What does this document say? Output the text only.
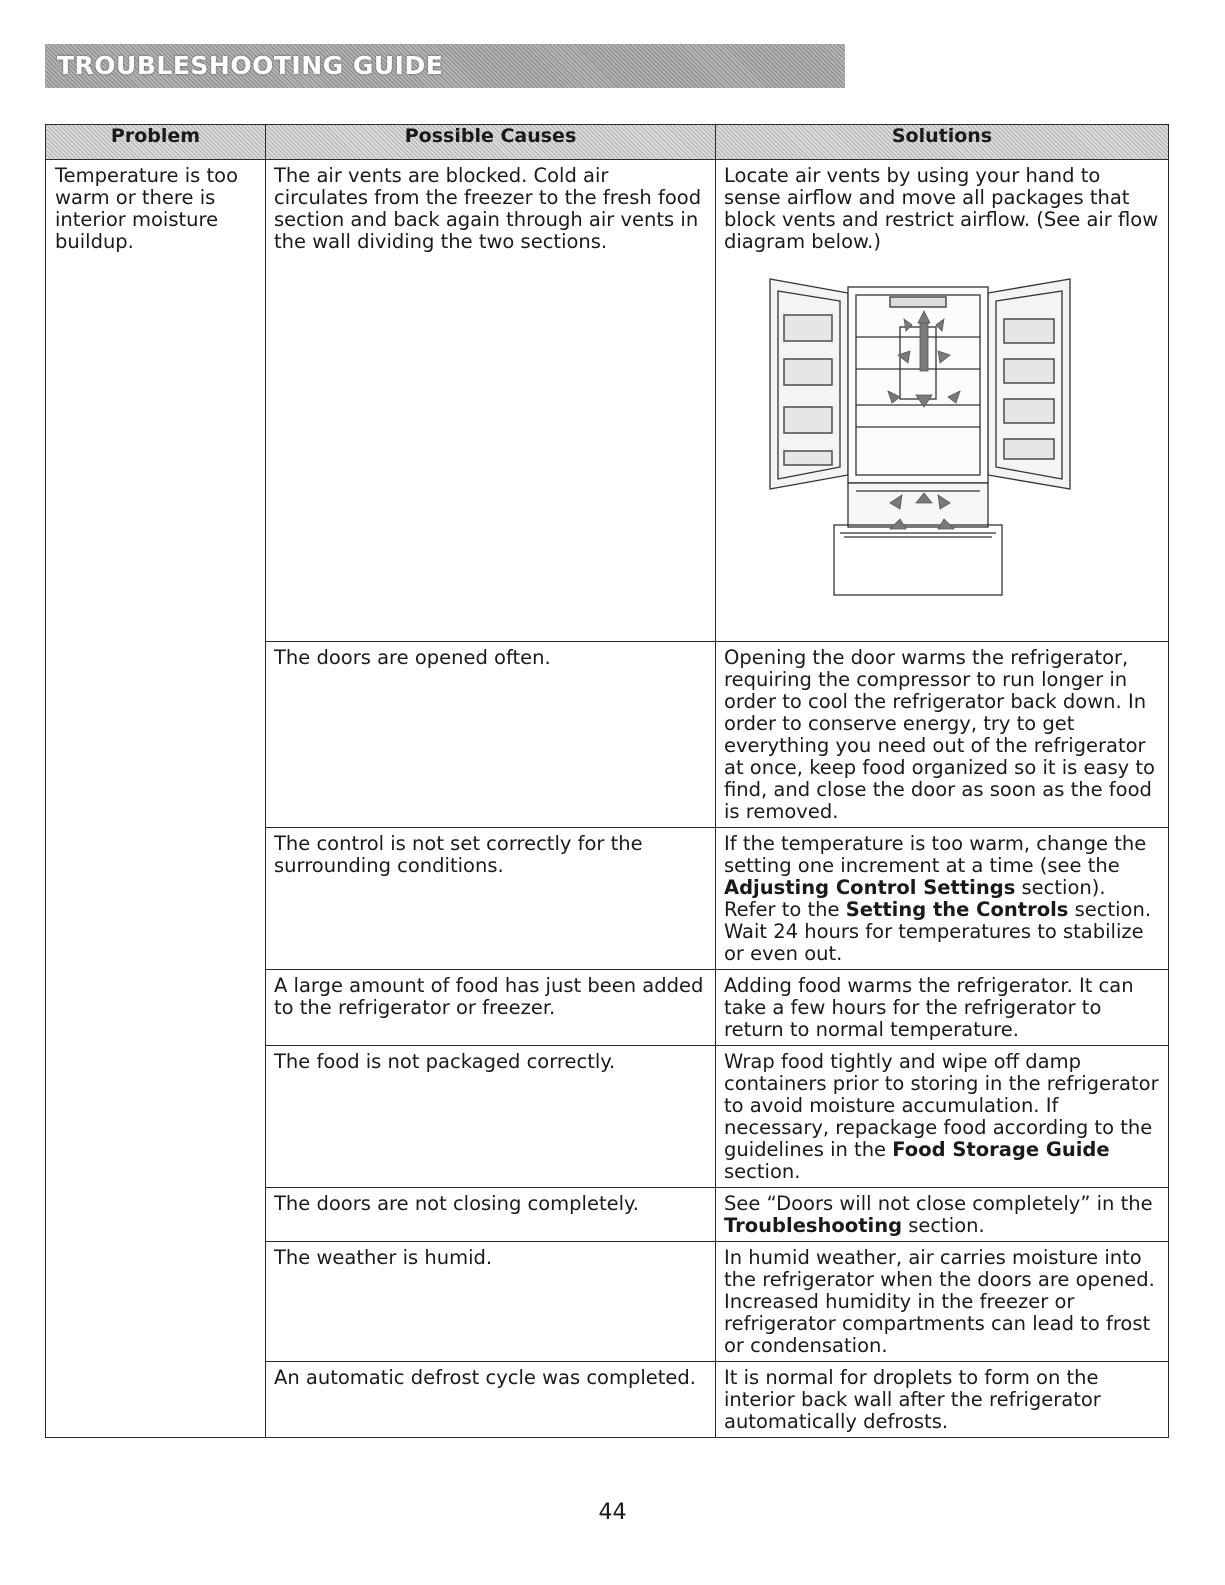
TROUBLESHOOTING GUIDE
Problem	Possible Causes	Solutions
Temperature is too warm or there is interior moisture buildup.	The air vents are blocked. Cold air circulates from the freezer to the fresh food section and back again through air vents in the wall dividing the two sections.	Locate air vents by using your hand to sense airflow and move all packages that block vents and restrict airflow. (See air flow diagram below.)

	The doors are opened often.	Opening the door warms the refrigerator, requiring the compressor to run longer in order to cool the refrigerator back down. In order to conserve energy, try to get everything you need out of the refrigerator at once, keep food organized so it is easy to find, and close the door as soon as the food is removed.
	The control is not set correctly for the surrounding conditions.	If the temperature is too warm, change the setting one increment at a time (see the Adjusting Control Settings section). Refer to the Setting the Controls section. Wait 24 hours for temperatures to stabilize or even out.
	A large amount of food has just been added to the refrigerator or freezer.	Adding food warms the refrigerator. It can take a few hours for the refrigerator to return to normal temperature.
	The food is not packaged correctly.	Wrap food tightly and wipe off damp containers prior to storing in the refrigerator to avoid moisture accumulation. If necessary, repackage food according to the guidelines in the Food Storage Guide section.
	The doors are not closing completely.	See “Doors will not close completely” in the Troubleshooting section.
	The weather is humid.	In humid weather, air carries moisture into the refrigerator when the doors are opened. Increased humidity in the freezer or refrigerator compartments can lead to frost or condensation.
	An automatic defrost cycle was completed.	It is normal for droplets to form on the interior back wall after the refrigerator automatically defrosts.
44
